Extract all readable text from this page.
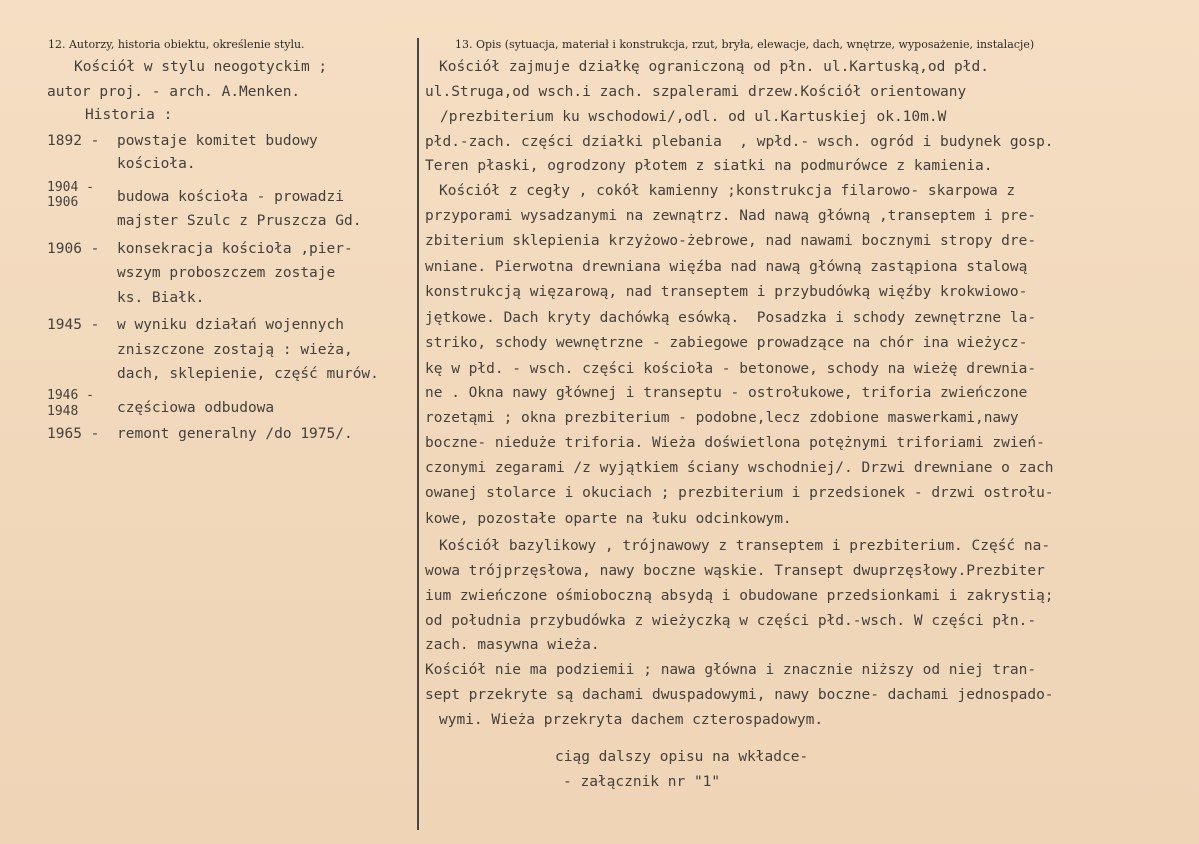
12. Autorzy, historia obiektu, określenie stylu.
Kościół w stylu neogotyckim ;
autor proj. - arch. A.Menken.
Historia :
1892 - powstaje komitet budowy
kościoła.
1904 -
1906	budowa kościoła - prowadzi
majster Szulc z Pruszcza Gd.
1906 - konsekracja kościoła ,pier-
wszym proboszczem zostaje
ks. Białk.
1945 - w wyniku działań wojennych
zniszczone zostają : wieża,
dach, sklepienie, część murów.
1946 -
1948	częściowa odbudowa
1965 - remont generalny /do 1975/.
13. Opis (sytuacja, materiał i konstrukcja, rzut, bryła, elewacje, dach, wnętrze, wyposażenie, instalacje)
Kościół zajmuje działkę ograniczoną od płn. ul.Kartuską,od płd.
ul.Struga,od wsch.i zach. szpalerami drzew.Kościół orientowany
/prezbiterium ku wschodowi/,odl. od ul.Kartuskiej ok.10m.W
płd.-zach. części działki plebania  , wpłd.- wsch. ogród i budynek gosp.
Teren płaski, ogrodzony płotem z siatki na podmurówce z kamienia.
Kościół z cegły , cokół kamienny ;konstrukcja filarowo- skarpowa z
przyporami wysadzanymi na zewnątrz. Nad nawą główną ,transeptem i pre-
zbiterium sklepienia krzyżowo-żebrowe, nad nawami bocznymi stropy dre-
wniane. Pierwotna drewniana więźba nad nawą główną zastąpiona stalową
konstrukcją więzarową, nad transeptem i przybudówką więźby krokwiowo-
jętkowe. Dach kryty dachówką esówką.  Posadzka i schody zewnętrzne la-
striko, schody wewnętrzne - zabiegowe prowadzące na chór ina wieżycz-
kę w płd. - wsch. części kościoła - betonowe, schody na wieżę drewnia-
ne . Okna nawy głównej i transeptu - ostrołukowe, triforia zwieńczone
rozetąmi ; okna prezbiterium - podobne,lecz zdobione maswerkami,nawy
boczne- nieduże triforia. Wieża doświetlona potężnymi triforiami zwień-
czonymi zegarami /z wyjątkiem ściany wschodniej/. Drzwi drewniane o zach
owanej stolarce i okuciach ; prezbiterium i przedsionek - drzwi ostrołu-
kowe, pozostałe oparte na łuku odcinkowym.
Kościół bazylikowy , trójnawowy z transeptem i prezbiterium. Część na-
wowa trójprzęsłowa, nawy boczne wąskie. Transept dwuprzęsłowy.Prezbiter
ium zwieńczone ośmioboczną absydą i obudowane przedsionkami i zakrystią;
od południa przybudówka z wieżyczką w części płd.-wsch. W części płn.-
zach. masywna wieża.
Kościół nie ma podziemii ; nawa główna i znacznie niższy od niej tran-
sept przekryte są dachami dwuspadowymi, nawy boczne- dachami jednospado-
wymi. Wieża przekryta dachem czterospadowym.
ciąg dalszy opisu na wkładce-
- załącznik nr "1"
